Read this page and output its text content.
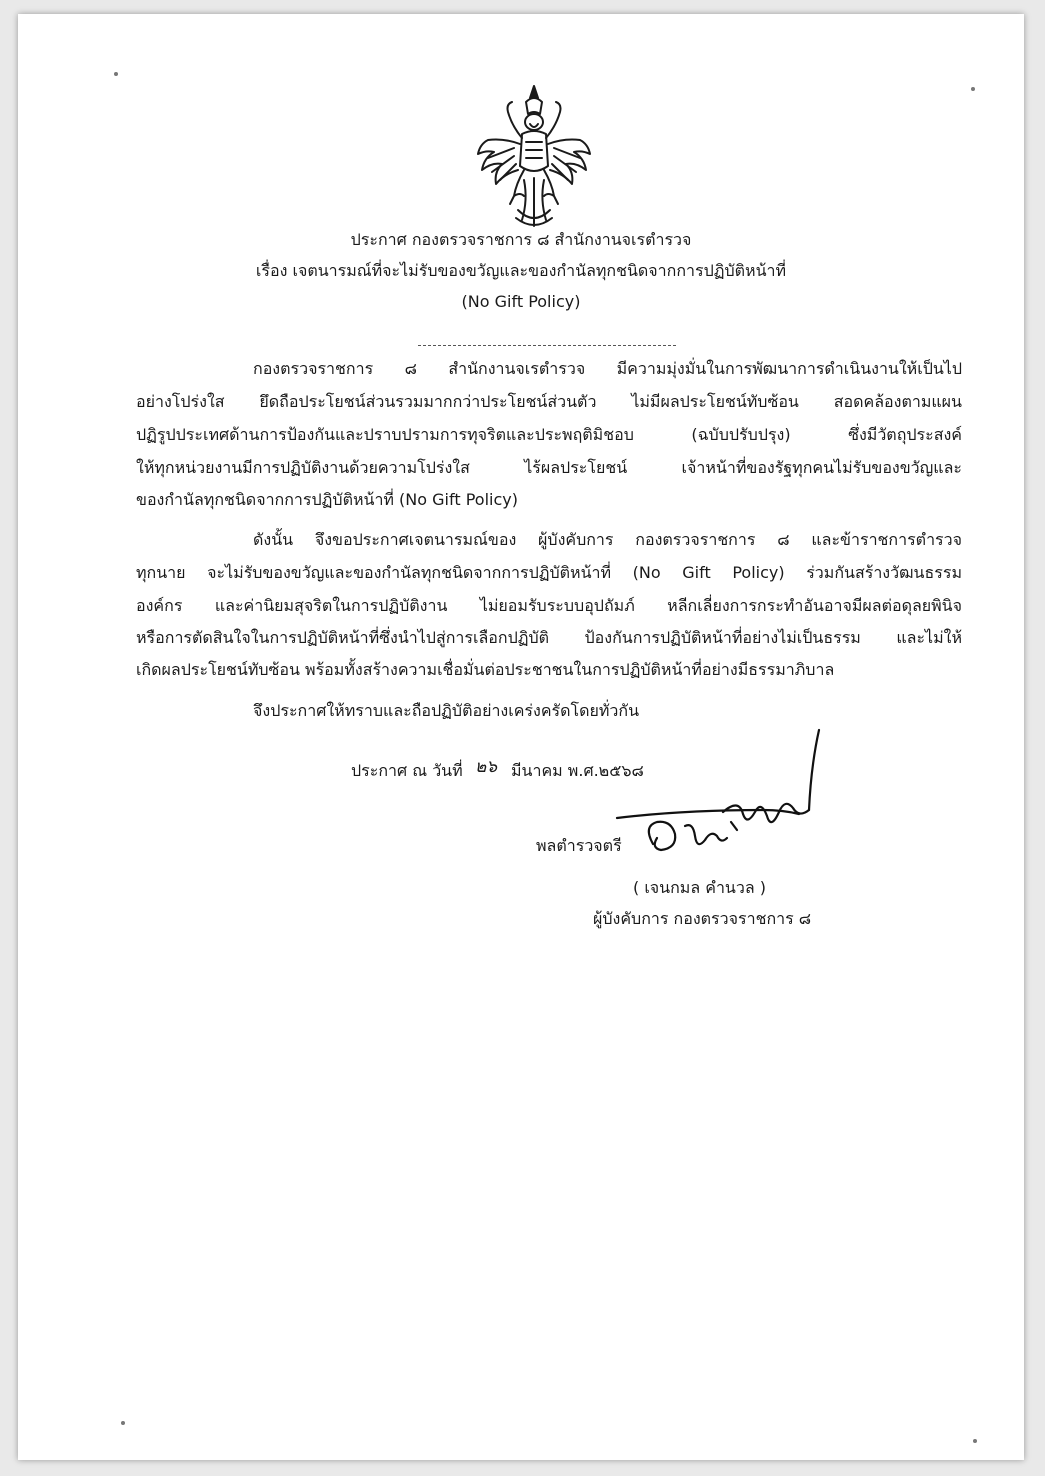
ประกาศ กองตรวจราชการ ๘ สำนักงานจเรตำรวจ
เรื่อง เจตนารมณ์ที่จะไม่รับของขวัญและของกำนัลทุกชนิดจากการปฏิบัติหน้าที่
(No Gift Policy)
กองตรวจราชการ ๘ สำนักงานจเรตำรวจ มีความมุ่งมั่นในการพัฒนาการดำเนินงานให้เป็นไป
อย่างโปร่งใส ยึดถือประโยชน์ส่วนรวมมากกว่าประโยชน์ส่วนตัว ไม่มีผลประโยชน์ทับซ้อน สอดคล้องตามแผน
ปฏิรูปประเทศด้านการป้องกันและปราบปรามการทุจริตและประพฤติมิชอบ (ฉบับปรับปรุง) ซึ่งมีวัตถุประสงค์
ให้ทุกหน่วยงานมีการปฏิบัติงานด้วยความโปร่งใส ไร้ผลประโยชน์ เจ้าหน้าที่ของรัฐทุกคนไม่รับของขวัญและ
ของกำนัลทุกชนิดจากการปฏิบัติหน้าที่ (No Gift Policy)
ดังนั้น จึงขอประกาศเจตนารมณ์ของ ผู้บังคับการ กองตรวจราชการ ๘ และข้าราชการตำรวจ
ทุกนาย จะไม่รับของขวัญและของกำนัลทุกชนิดจากการปฏิบัติหน้าที่ (No Gift Policy) ร่วมกันสร้างวัฒนธรรม
องค์กร และค่านิยมสุจริตในการปฏิบัติงาน ไม่ยอมรับระบบอุปถัมภ์ หลีกเลี่ยงการกระทำอันอาจมีผลต่อดุลยพินิจ
หรือการตัดสินใจในการปฏิบัติหน้าที่ซึ่งนำไปสู่การเลือกปฏิบัติ ป้องกันการปฏิบัติหน้าที่อย่างไม่เป็นธรรม และไม่ให้
เกิดผลประโยชน์ทับซ้อน พร้อมทั้งสร้างความเชื่อมั่นต่อประชาชนในการปฏิบัติหน้าที่อย่างมีธรรมาภิบาล
จึงประกาศให้ทราบและถือปฏิบัติอย่างเคร่งครัดโดยทั่วกัน
ประกาศ ณ วันที่ ๒๖ มีนาคม พ.ศ.๒๕๖๘
พลตำรวจตรี
( เจนกมล คำนวล )
ผู้บังคับการ กองตรวจราชการ ๘
